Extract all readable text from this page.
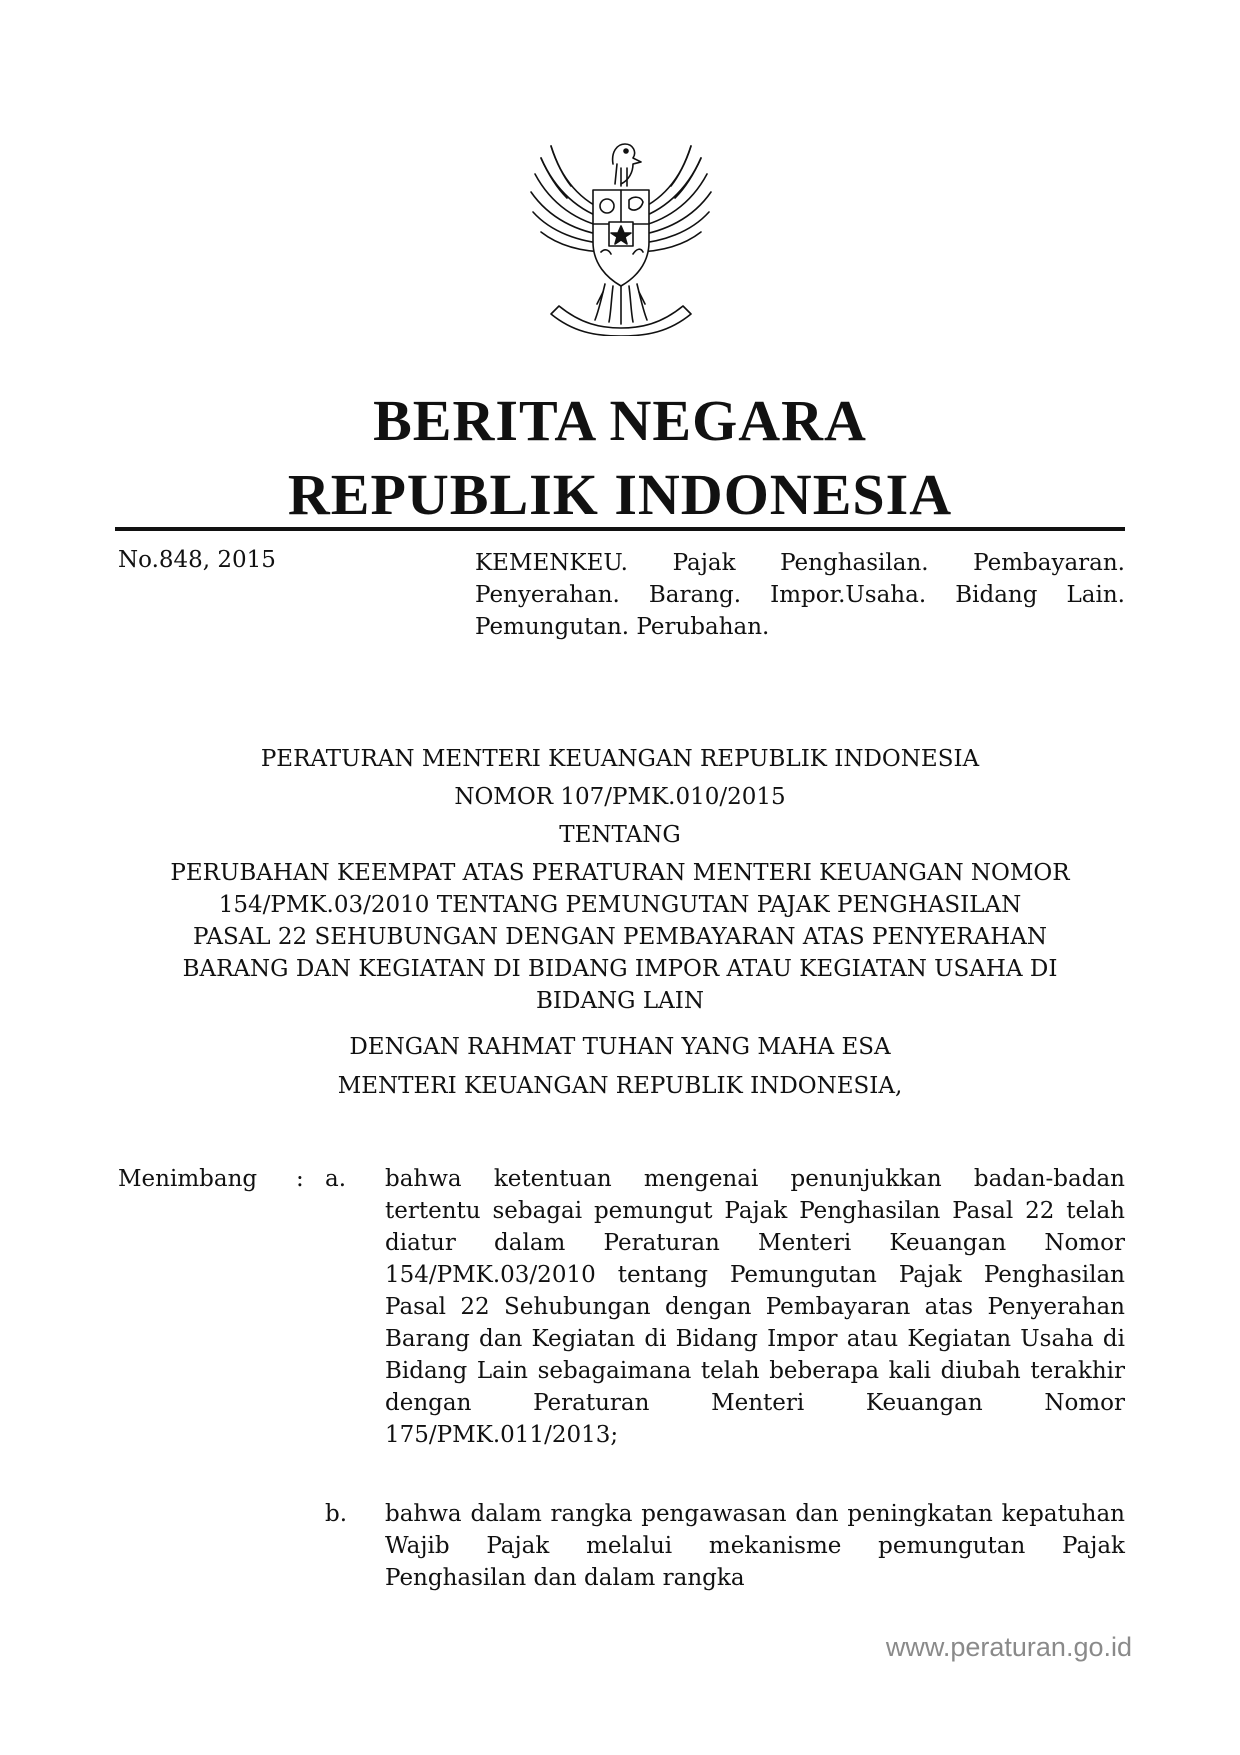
BERITA NEGARA
REPUBLIK INDONESIA
No.848, 2015	KEMENKEU. Pajak Penghasilan. Pembayaran. Penyerahan. Barang. Impor.Usaha. Bidang Lain. Pemungutan. Perubahan.
PERATURAN MENTERI KEUANGAN REPUBLIK INDONESIA
NOMOR 107/PMK.010/2015
TENTANG
PERUBAHAN KEEMPAT ATAS PERATURAN MENTERI KEUANGAN NOMOR
154/PMK.03/2010 TENTANG PEMUNGUTAN PAJAK PENGHASILAN
PASAL 22 SEHUBUNGAN DENGAN PEMBAYARAN ATAS PENYERAHAN
BARANG DAN KEGIATAN DI BIDANG IMPOR ATAU KEGIATAN USAHA DI
BIDANG LAIN
DENGAN RAHMAT TUHAN YANG MAHA ESA
MENTERI KEUANGAN REPUBLIK INDONESIA,
Menimbang : a. bahwa ketentuan mengenai penunjukkan badan-badan tertentu sebagai pemungut Pajak Penghasilan Pasal 22 telah diatur dalam Peraturan Menteri Keuangan Nomor 154/PMK.03/2010 tentang Pemungutan Pajak Penghasilan Pasal 22 Sehubungan dengan Pembayaran atas Penyerahan Barang dan Kegiatan di Bidang Impor atau Kegiatan Usaha di Bidang Lain sebagaimana telah beberapa kali diubah terakhir dengan Peraturan Menteri Keuangan Nomor 175/PMK.011/2013;
b. bahwa dalam rangka pengawasan dan peningkatan kepatuhan Wajib Pajak melalui mekanisme pemungutan Pajak Penghasilan dan dalam rangka
www.peraturan.go.id
